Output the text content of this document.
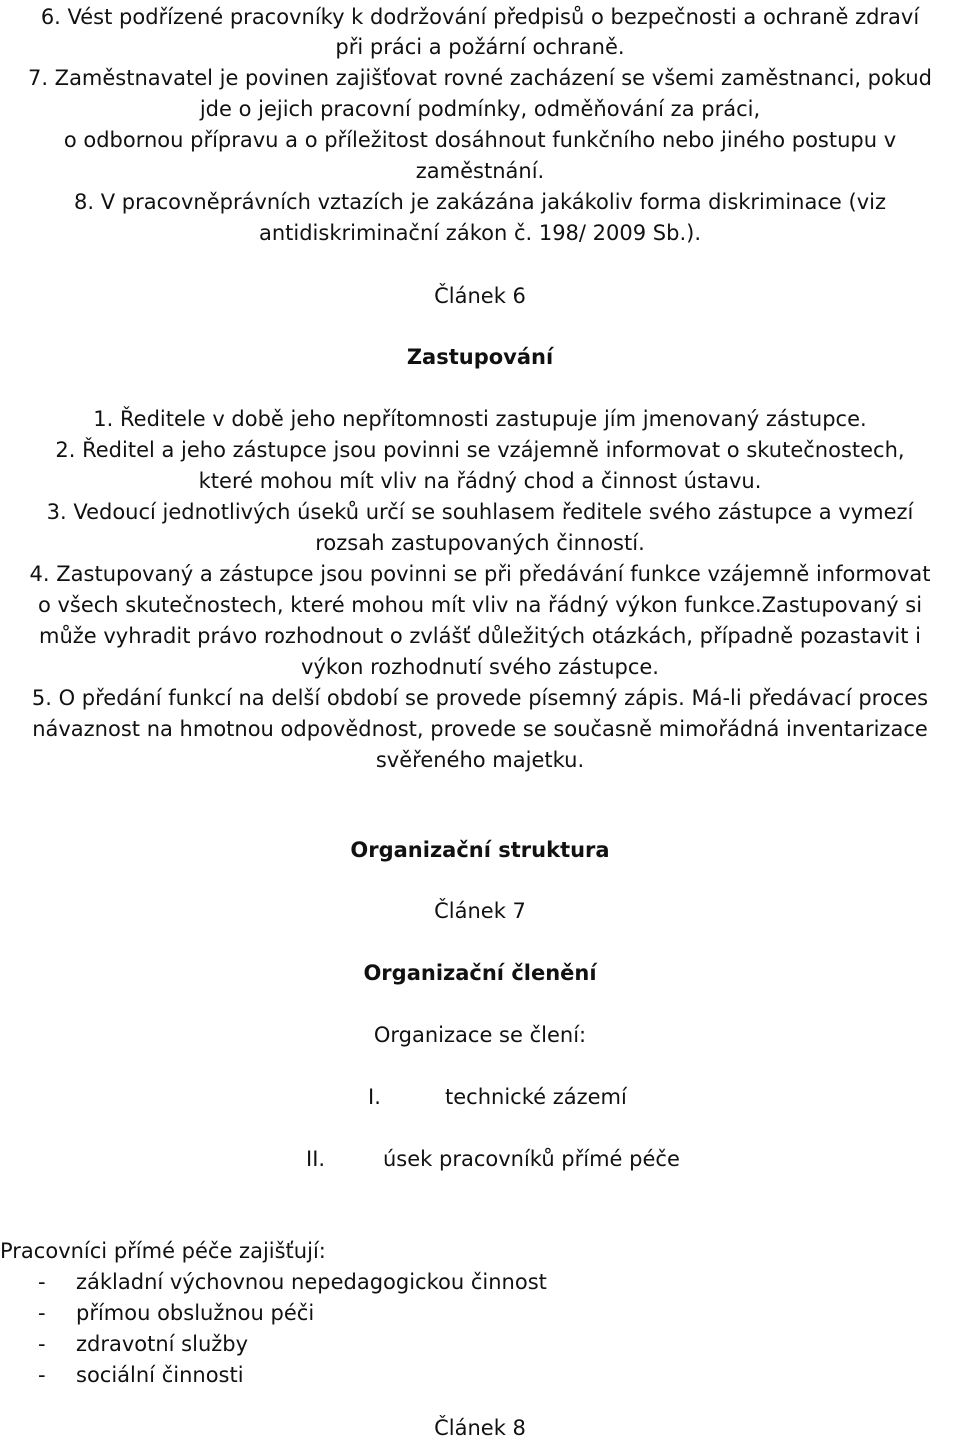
6. Vést podřízené pracovníky k dodržování předpisů o bezpečnosti a ochraně zdraví
při práci a požární ochraně.
7. Zaměstnavatel je povinen zajišťovat rovné zacházení se všemi zaměstnanci, pokud
jde o jejich pracovní podmínky, odměňování za práci,
o odbornou přípravu a o příležitost dosáhnout funkčního nebo jiného postupu v
zaměstnání.
8. V pracovněprávních vztazích je zakázána jakákoliv forma diskriminace (viz
antidiskriminační zákon č. 198/ 2009 Sb.).
Článek 6
Zastupování
1. Ředitele v době jeho nepřítomnosti zastupuje jím jmenovaný zástupce.
2. Ředitel a jeho zástupce jsou povinni se vzájemně informovat o skutečnostech,
které mohou mít vliv na řádný chod a činnost ústavu.
3. Vedoucí jednotlivých úseků určí se souhlasem ředitele svého zástupce a vymezí
rozsah zastupovaných činností.
4. Zastupovaný a zástupce jsou povinni se při předávání funkce vzájemně informovat
o všech skutečnostech, které mohou mít vliv na řádný výkon funkce.Zastupovaný si
může vyhradit právo rozhodnout o zvlášť důležitých otázkách, případně pozastavit i
výkon rozhodnutí svého zástupce.
5. O předání funkcí na delší období se provede písemný zápis. Má-li předávací proces
návaznost na hmotnou odpovědnost, provede se současně mimořádná inventarizace
svěřeného majetku.
Organizační struktura
Článek 7
Organizační členění
Organizace se člení:
I.	technické zázemí
II.	úsek pracovníků přímé péče
Pracovníci přímé péče zajišťují:
- základní výchovnou nepedagogickou činnost
- přímou obslužnou péči
- zdravotní služby
- sociální činnosti
Článek 8
